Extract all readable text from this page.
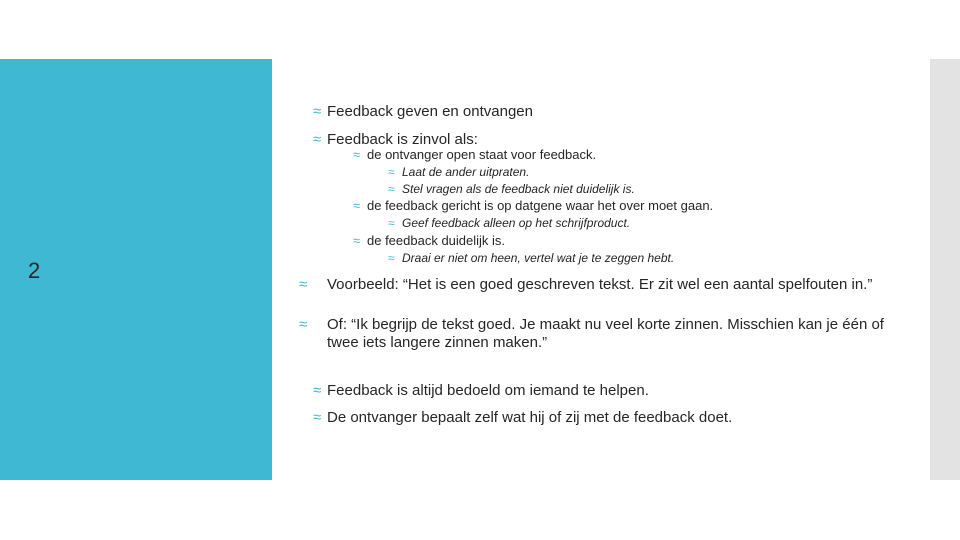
2
≈ Feedback geven en ontvangen
≈ Feedback is zinvol als:
≈ de ontvanger open staat voor feedback.
≈ Laat de ander uitpraten.
≈ Stel vragen als de feedback niet duidelijk is.
≈ de feedback gericht is op datgene waar het over moet gaan.
≈ Geef feedback alleen op het schrijfproduct.
≈ de feedback duidelijk is.
≈ Draai er niet om heen, vertel wat je te zeggen hebt.
≈ Voorbeeld: “Het is een goed geschreven tekst. Er zit wel een aantal spelfouten in.”
≈ Of: “Ik begrijp de tekst goed. Je maakt nu veel korte zinnen. Misschien kan je één of twee iets langere zinnen maken.”
≈ Feedback is altijd bedoeld om iemand te helpen.
≈ De ontvanger bepaalt zelf wat hij of zij met de feedback doet.
